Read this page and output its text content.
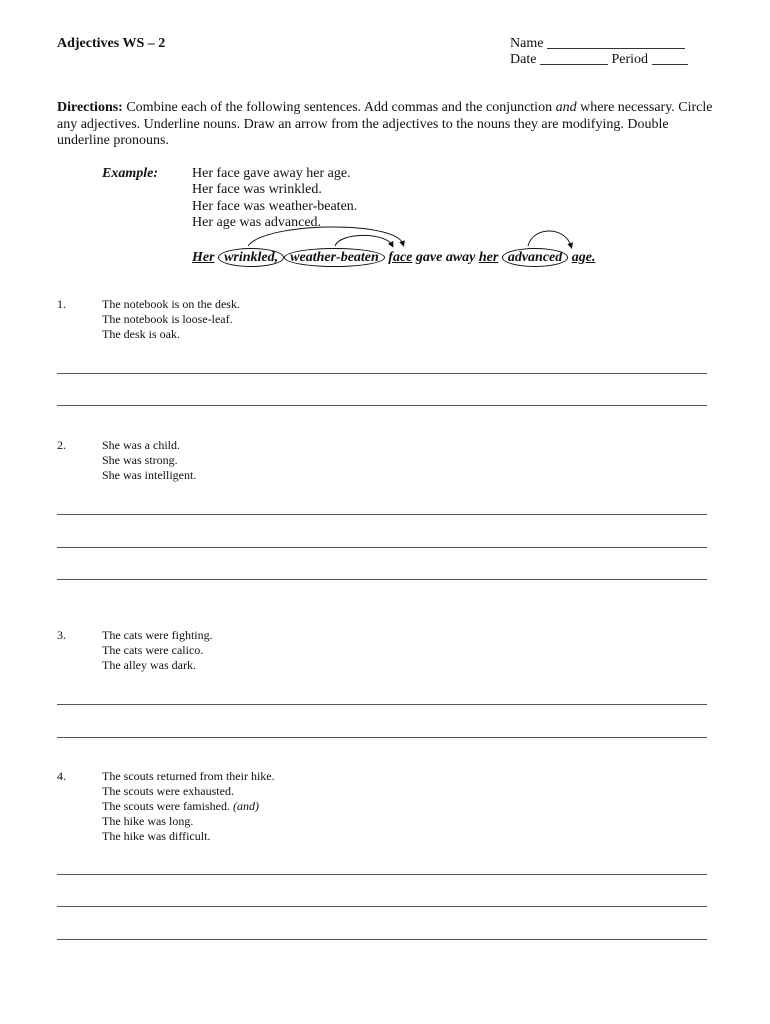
Adjectives WS – 2	Name
Date	Period
Directions: Combine each of the following sentences. Add commas and the conjunction and where necessary. Circle any adjectives. Underline nouns. Draw an arrow from the adjectives to the nouns they are modifying. Double underline pronouns.
Example: Her face gave away her age.
Her face was wrinkled.
Her face was weather-beaten.
Her age was advanced.
Her wrinkled, weather-beaten face gave away her advanced age.
1.	The notebook is on the desk.
The notebook is loose-leaf.
The desk is oak.
2.	She was a child.
She was strong.
She was intelligent.
3.	The cats were fighting.
The cats were calico.
The alley was dark.
4.	The scouts returned from their hike.
The scouts were exhausted.
The scouts were famished. (and)
The hike was long.
The hike was difficult.
